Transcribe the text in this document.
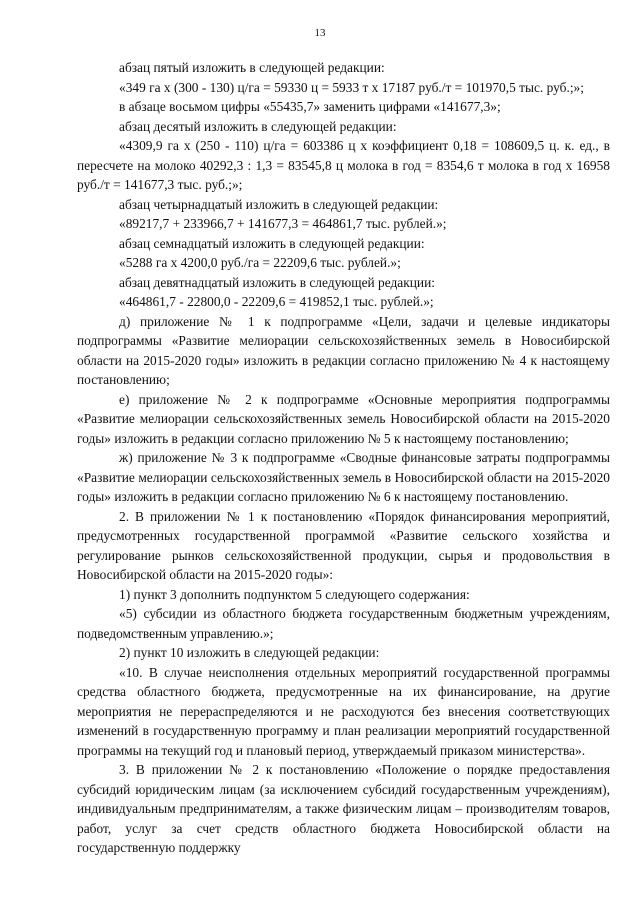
13

абзац пятый изложить в следующей редакции:

«349 га х (300 - 130) ц/га = 59330 ц = 5933 т х 17187 руб./т = 101970,5 тыс. руб.;»;

в абзаце восьмом цифры «55435,7» заменить цифрами «141677,3»;

абзац десятый изложить в следующей редакции:

«4309,9 га х (250 - 110) ц/га = 603386 ц х коэффициент 0,18 = 108609,5 ц. к. ед., в пересчете на молоко 40292,3 : 1,3 = 83545,8 ц молока в год = 8354,6 т молока в год х 16958 руб./т = 141677,3 тыс. руб.;»;

абзац четырнадцатый изложить в следующей редакции:

«89217,7 + 233966,7 + 141677,3 = 464861,7 тыс. рублей.»;

абзац семнадцатый изложить в следующей редакции:

«5288 га х 4200,0 руб./га = 22209,6 тыс. рублей.»;

абзац девятнадцатый изложить в следующей редакции:

«464861,7 - 22800,0 - 22209,6 = 419852,1 тыс. рублей.»;

д) приложение № 1 к подпрограмме «Цели, задачи и целевые индикаторы подпрограммы «Развитие мелиорации сельскохозяйственных земель в Новосибирской области на 2015-2020 годы» изложить в редакции согласно приложению № 4 к настоящему постановлению;

е) приложение № 2 к подпрограмме «Основные мероприятия подпрограммы «Развитие мелиорации сельскохозяйственных земель Новосибирской области на 2015-2020 годы» изложить в редакции согласно приложению № 5 к настоящему постановлению;

ж) приложение № 3 к подпрограмме «Сводные финансовые затраты подпрограммы «Развитие мелиорации сельскохозяйственных земель в Новосибирской области на 2015-2020 годы» изложить в редакции согласно приложению № 6 к настоящему постановлению.

2. В приложении № 1 к постановлению «Порядок финансирования мероприятий, предусмотренных государственной программой «Развитие сельского хозяйства и регулирование рынков сельскохозяйственной продукции, сырья и продовольствия в Новосибирской области на 2015-2020 годы»:

1) пункт 3 дополнить подпунктом 5 следующего содержания:

«5) субсидии из областного бюджета государственным бюджетным учреждениям, подведомственным управлению.»;

2) пункт 10 изложить в следующей редакции:

«10. В случае неисполнения отдельных мероприятий государственной программы средства областного бюджета, предусмотренные на их финансирование, на другие мероприятия не перераспределяются и не расходуются без внесения соответствующих изменений в государственную программу и план реализации мероприятий государственной программы на текущий год и плановый период, утверждаемый приказом министерства».

3. В приложении № 2 к постановлению «Положение о порядке предоставления субсидий юридическим лицам (за исключением субсидий государственным учреждениям), индивидуальным предпринимателям, а также физическим лицам – производителям товаров, работ, услуг за счет средств областного бюджета Новосибирской области на государственную поддержку
